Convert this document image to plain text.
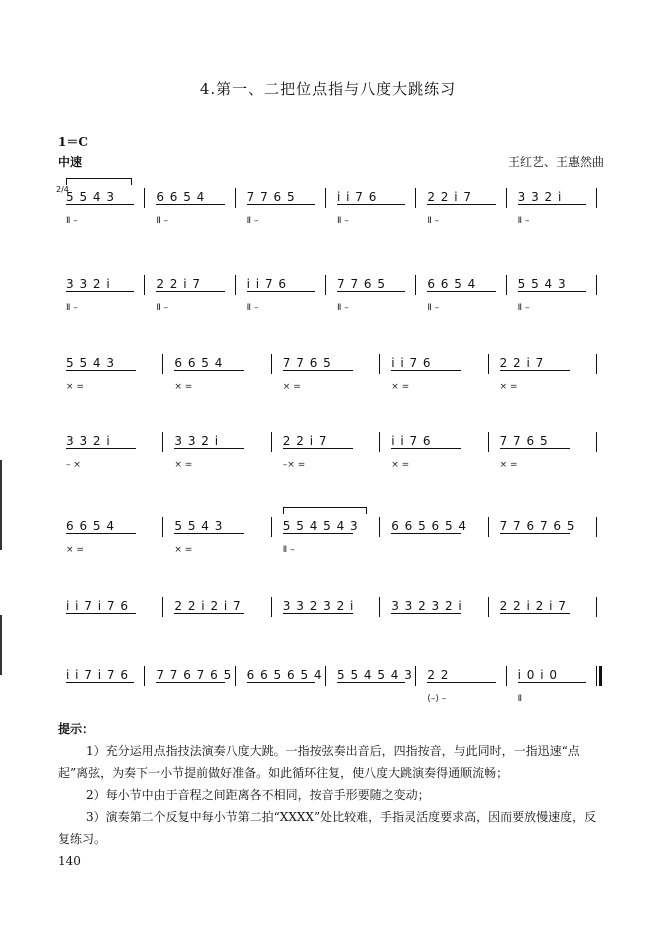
4.第一、二把位点指与八度大跳练习
1＝C
中速	王红艺、王惠然曲
2/4
5 5 4 3
Ⅱ –
6 6 5 4
Ⅱ –
7 7 6 5
Ⅱ –
i i 7 6
Ⅱ –
2 2 i 7
Ⅱ –
3 3 2 i
Ⅱ –
3 3 2 i
Ⅱ –
2 2 i 7
Ⅱ –
i i 7 6
Ⅱ –
7 7 6 5
Ⅱ –
6 6 5 4
Ⅱ –
5 5 4 3
Ⅱ –
5 5 4 3
× =
6 6 5 4
× =
7 7 6 5
× =
i i 7 6
× =
2 2 i 7
× =
3 3 2 i
– ×
3 3 2 i
× =
2 2 i 7
–× =
i i 7 6
× =
7 7 6 5
× =
6 6 5 4
× =
5 5 4 3
× =
5 5 4 5 4 3
Ⅱ –
6 6 5 6 5 4	7 7 6 7 6 5
i i 7 i 7 6	2 2 i 2 i 7	3 3 2 3 2 i	3 3 2 3 2 i	2 2 i 2 i 7
i i 7 i 7 6 7 7 6 7 6 5 6 6 5 6 5 4 5 5 4 5 4 3 2 2
(–) –
i 0 i 0
Ⅱ
提示：
1）充分运用点指技法演奏八度大跳。一指按弦奏出音后，四指按音，与此同时，一指迅速“点起”离弦，为奏下一小节提前做好准备。如此循环往复，使八度大跳演奏得通顺流畅；
2）每小节中由于音程之间距离各不相同，按音手形要随之变动；
3）演奏第二个反复中每小节第二拍“XXXX”处比较难，手指灵活度要求高，因而要放慢速度，反复练习。
140
